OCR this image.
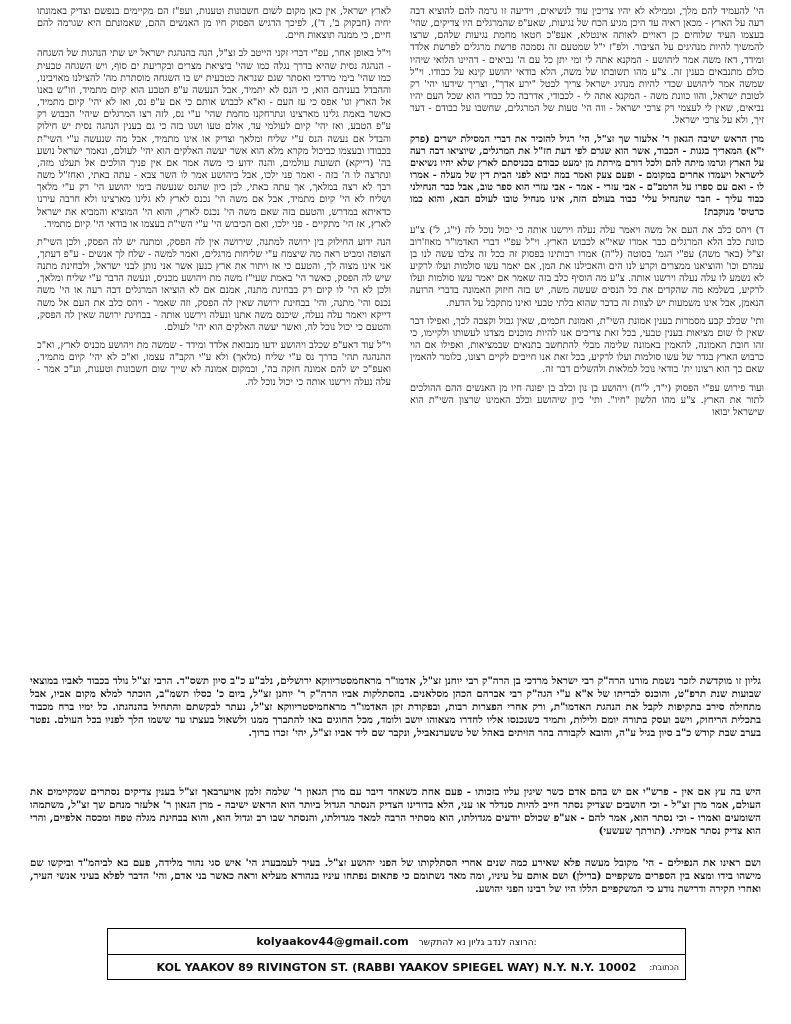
הי' להעמיד להם מלך, וממילא לא יהיו צריכין עוד לנשיאים, וידיעה זו גרמה להם להוציא דבה רעה על הארץ - מכאן ראיה עד היכן מגיע הכח של נגיעות, שאע"פ שהמרגלים היו צדיקים, שהי' בעצמו העיד שלוחים כן ראויים לאותה אינטלא, אעפ"כ חטאו מחמת נגיעות שלהם, שרצו להמשיך להיות מנהיגים על הציבור. ולפ"ז י"ל שמטעם זה נסמכה פרשת מרגלים לפרשת אלדד ומידד, דאז משה אמר ליהושע - המקנא אתה לי ומי יתן כל עם ה' נביאים - דהיינו הלואי שיהיו כולם מתנבאים בענין זה. צ"ע מהו תשובתו של משה, הלא בודאי יהושע קינא על כבודו. וי"ל שמשה אמר ליהושע שכדי להיות מנהיג ישראל צריך לבטל "ירע אדך", וצריך שידעו יהי' רק לטובת ישראל, והוו כוונת משה - המקנא אתה לי - לכבודי, אדרבה כל כבודי הוא שכל העם יהיו נביאים, שאין לי לעצמי רק צרכי ישראל - ווה הי' טעות של המרגלים, שחשבו על כבודם - דער זיך, ולא על צרכי ישראל.

מרן הראש ישיבה הגאון ר' אלעזר שך זצ"ל, הי' רגיל להזכיר את דברי המסילת ישרים (פרק י"א) המאריך בגנות - הכבוד, אשר הוא שגרם לפי דעת חז"ל את המרגלים, שיוציאו דבה רעה על הארץ וגרמו מיתה להם ולכל דורם מירתת מן ימעט כבודם בכניסתם לארץ שלא יהיו נשיאים לישראל ויעמדו אחרים במקומם - ופעם צעק ואמר במה יבוא לפני הבית דין של מעלה - אמרו לו - ואם עם ספרו על הרמב"ם - אבי עזרי - אמר - אבי עזרי הוא ספר טוב, אבל כבר הנחילני כבוד עליך - חבר שהנחיל עלי' כבוד בעולם הזה, אינו מנחיל טובו לעולם הבא, והוא כמו כרטיס' מנוקבת!

ד) ויהס כלב את העם אל משה ויאמר עלה נעלה וירשנו אותה כי יכול נוכל לה (י"ג, ל') צ"ע כוונת כלב הלא המרגלים כבר אמרו שאי"א לכבוש הארץ. וי"ל עפ"י דברי האדמו"ר מאוז'רוב זצ"ל (באר משה) עפ"י הגמ' בסוטה (ל"ה) אמרו רבותינו בפסוק זה ככל זה צלבו עשה לנו בן עמרם וכו' והוציאנו ממצרים וקרע לנו הים והאכילנו את המן, אם יאמר עשו סולמות ועלו לרקיע לא נשמע לו עלה נעלה וירשנו אותה. צ"ע מה הוסיף כלב בזה שאמר אם יאמר עשו סולמות ועלו לרקיע, בשלמא מה שהקדים את כל הנסים שעשה משה, יש בזה חיזוק האמונה בדברי הרועה הנאמן, אבל אינו משמעות יש לצוות זה בדבר שהוא בלתי טבעי ואינו מתקבל על הדעת.

ותי' שכלב קבע מסמרות בענין אמונת השי"ת, ואמונת חכמים, שאין גבול וקצבה לכך, ואפילו דבר שאין לו שום מציאות בענין טבעי, בכל זאת צריכים אנו להיות מוכנים מצדנו לעשותו ולקיימו, כי זהו חובת האמונה, להאמין באמונה שלימה מבלי להתחשב בתנאים שבמציאות, ואפילו אם הוי כרבוש הארץ בגדר של עשו סולמות ועלו לרקיע, בכל זאת אנו חייבים לקיים רצונו, כלומר להאמין שאם כך הוא רצונו ית' בודאי נוכל למלאות ולהשלים דבר זה.

ועוד פירוש עפ"י הפסוק (י"ד, ל"ח) ויהושע בן נון וכלב בן יפונה חיו מן האנשים ההם ההולכים לתור את הארץ. צ"ע מהו הלשון "חיו". ותי' כיון שיהושע וכלב האמינו שרצון השי"ת הוא שישראל יבואו

לארץ ישראל, אין כאן מקום לשום חשבונות וטענות, ועפ"ז הם מקיימים בנפשם וצדיק באמונתו יחיה (חבקוק ב', ד'), לפיכך הדגיש הפסוק חיו מן האנשים ההם, שאמונתם היא שגרמה להם חיים, כי ממנה תוצאות חיים.

וי"ל באופן אחר, עפ"י דברי זקני הייטב לב זצ"ל, הנה בהנהגת ישראל יש שתי הנהגות של השגחה - הנהגה נסית שהיא בדרך נגלה כמו שהי' ביציאת מצרים ובקריעת ים סוף, ויש השגחה טבעית כמו שהי' בימי מרדכי ואסתר שגם שנראה כטבעית יש בו השגחה מוסתרת מה' להצילנו מאויבינו, וההבדל בעניהם הוא, כי הנס לא יתמיד, אבל הנעשה ע"פ הטבע הוא קיום מתמיד, וזו"ש באנו אל הארץ וגו' אפס כי עז העם - וא"א לכבוש אותם כי אם ע"פ נס, ואז לא יהי' קיום מתמיד, כאשר באמת גלינו מארצינו ונתרחקנו מחמת שהי' ע"י נס, לזה רצו המרגלים שיהי' הכבוש רק ע"פ הטבע, ואז יהי' קיום לעולמי עד, אולם טעו ושגו בזה כי גם בענין הנהגה נסית יש חילוק והבדל אם נעשה הנס ע"י שליח ומלאך וצדיק או אינו מתמיד, אבל מה שנעשה ע"י השי"ת בכבודו ובעצמו כביכול מקרא מלא הוא אשר יעשה האלקים הוא יהי' לעולם, ונאמר ישראל נושע בה' (דייקא) תשועת עולמים, והנה ידוע כי משה אמר אם אין פניך הולכים אל תעלנו מזה, ונתרצה לו ה' בזה - ואמר פני ילכו, אבל ביהושע אמר לו השר צבא - עתה באתי, ואחז"ל משה רבך לא רצה במלאך, אך עתה באתי, לכן כיון שהנס שנעשה בימי יהושע הי' רק ע"י מלאך ושליח לא הי' קיום מתמיד, אבל אם משה הי' נכנס לארץ לא גלינו מארצינו ולא חרבה עירנו כדאיתא במדרש, והטעם בזה שאם משה הי' נכנס לארץ, והוא הי' המוציא והמביא את ישראל לארץ, אז הי' מתקיים - פני ילכו, ואם הכיבוש הי' ע"י השי"ת בעצמו או בודאי הי' קיום מתמיד.

הנה ידוע החילוק בין ירושה למתנה, שירושה אין לה הפסק, ומתנה יש לה הפסק, ולכן השי"ת הצופה ומביט ראה מה שיצמח ע"י שליחות מרגלים, ואמר למשה - שלח לך אנשים - ע"פ דעתך, אני אינו מצוה לך, והטעם כי אז ויתור את ארץ כנען אשר אני נותן לבני ישראל, ולבחינת מתנה שיש לה הפסק, כאשר הי' באמת שעי"ז משה מת ויהושע מכניס, ונעשה הדבר ע"י שליח ומלאך, ולכן לא הי' לו קיום רק בבחינת מתנה, אמנם אם לא הוציאו המרגלים דבה רעה או הי' משה נכנס והי' מתנה, והי' בבחינת ירושה שאין לה הפסק, וזה שאמר - ויהס כלב את העם אל משה דייקא ויאמר עלה נעלה, שיכנס משה אתנו ונעלה וירשנו אותה - בבחינת ירושה שאין לה הפסק, והטעם כי יכול נוכל לה, ואשר יעשה האלקים הוא יהי' לעולם.

וי"ל עוד דאע"פ שכלב ויהושע ידעו מנבואת אלדד ומידד - שמשה מת ויהושע מכניס לארץ, וא"כ ההנהגה תהי' בדרך נס ע"י שליח (מלאך) ולא ע"י הקב"ה עצמו, וא"כ לא יהי' קיום מתמיד, ואעפ"כ יש להם אמונה חזקה בה', ובמקום אמונה לא שייך שום חשבונות וטענות, וע"כ אמר - עלה נעלה וירשנו אותה כי יכול נוכל לה.

גליון זו מוקדשת לזכר נשמת מורנו הרה"ק רבי ישראל מרדכי בן הרה"ק רבי יוחנן זצ"ל, אדמו"ר מראחמסטריווקא ירושלים, נלב"ע כ"ב סיון תשס"ד. הרבי זצ"ל נולד בכבוד לאביו במוצאי שבועות שנת תרפ"ט, והוכנס לבריתו של א"א ע"י הגה"ק רבי אברהם הכהן מסלאנים. בהסתלקות אביו הרה"ק ר' יוחנן זצ"ל, ביום כ' כסלו תשמ"ב, הוכתר למלא מקום אביו, אבל מתחילה סירב בתקיפות לקבל את הנהגת האדמו"ת, ורק אחרי הפצרות רבות, ובפקודת זקן האדמו"ר מראחמיסטריווקא זצ"ל, נעתר לבקשתם והתחיל בהנהגתו. כל ימיו ברח מכבוד בתכלית הריחוק, וישב ועסק בתורה יומם ולילות, ותמיד כשנכנסו אליו לחדרו מצאוהו יושב ולומד, מכל החוגים באו להתברך ממנו ולשאול בעצתו עד ששמו הלך לפניו בכל העולם. נפטר בערב שבת קודש כ"ב סיון בגיל ע"ה, והובא לקבורה בהר הזיתים באהל של טשערנאביל, ונקבר שם ליד אביו זצ"ל, יהי' זכרו ברוך.
היש בה עץ אם אין - פרש"י אם יש בהם אדם כשר שיגין עליו בזכותו - פעם אחת כשאחד דיבר עם מרן הגאון ר' שלמה זלמן אויערבאך זצ"ל בענין צדיקים נסתרים שמקיימים את העולם, אמר מרן זצ"ל - וכי חושבים שצדיק נסתר חייב להיות סנדלר או עני, הלא בדורינו הצדיק הנסתר הגדול ביותר הוא הראש ישיבה - מרן הגאון ר' אלעזר מנחם שך זצ"ל, משתמהו השומעים ואמרו - וכי נסתר הוא, אמר להם - אע"פ שכולם יודעים מגדולתו, הוא מסתיר הרבה למאד מגדולתו, והנסתר שבו רב וגדול הוא, והוא בבחינת מגלה טפח ומכסה אלפיים, והרי הוא צדיק נסתר אמיתי. (תורתך שעשעי)
ושם ראינו את הנפילים - הי' מקובל מעשה פלא שאירע כמה שנים אחרי הסתלקותו של הפני יהושע זצ"ל. בעיר לעמבערג הי' איש סגי נהור מלידה, פעם בא לביהמ"ד וביקשו שם מישהו בידו ומצא בין הספרים משקפיים (ברילן) ושם אותם על עיניו, ומה מאד נשתומם כי פתאום נפתחו עיניו בנהורא מעליא וראה כאשר בני אדם, והי' הדבר לפלא בעיני אנשי העיר, ואחרי חקירה ודרישה נודע כי המשקפיים הללו היו של רבינו הפני יהושע.
kolyaakov44@gmail.com הרוצה לנדב גליון נא להתקשר:
הכתובת:
KOL YAAKOV 89 RIVINGTON ST. (RABBI YAAKOV SPIEGEL WAY) N.Y. N.Y. 10002
